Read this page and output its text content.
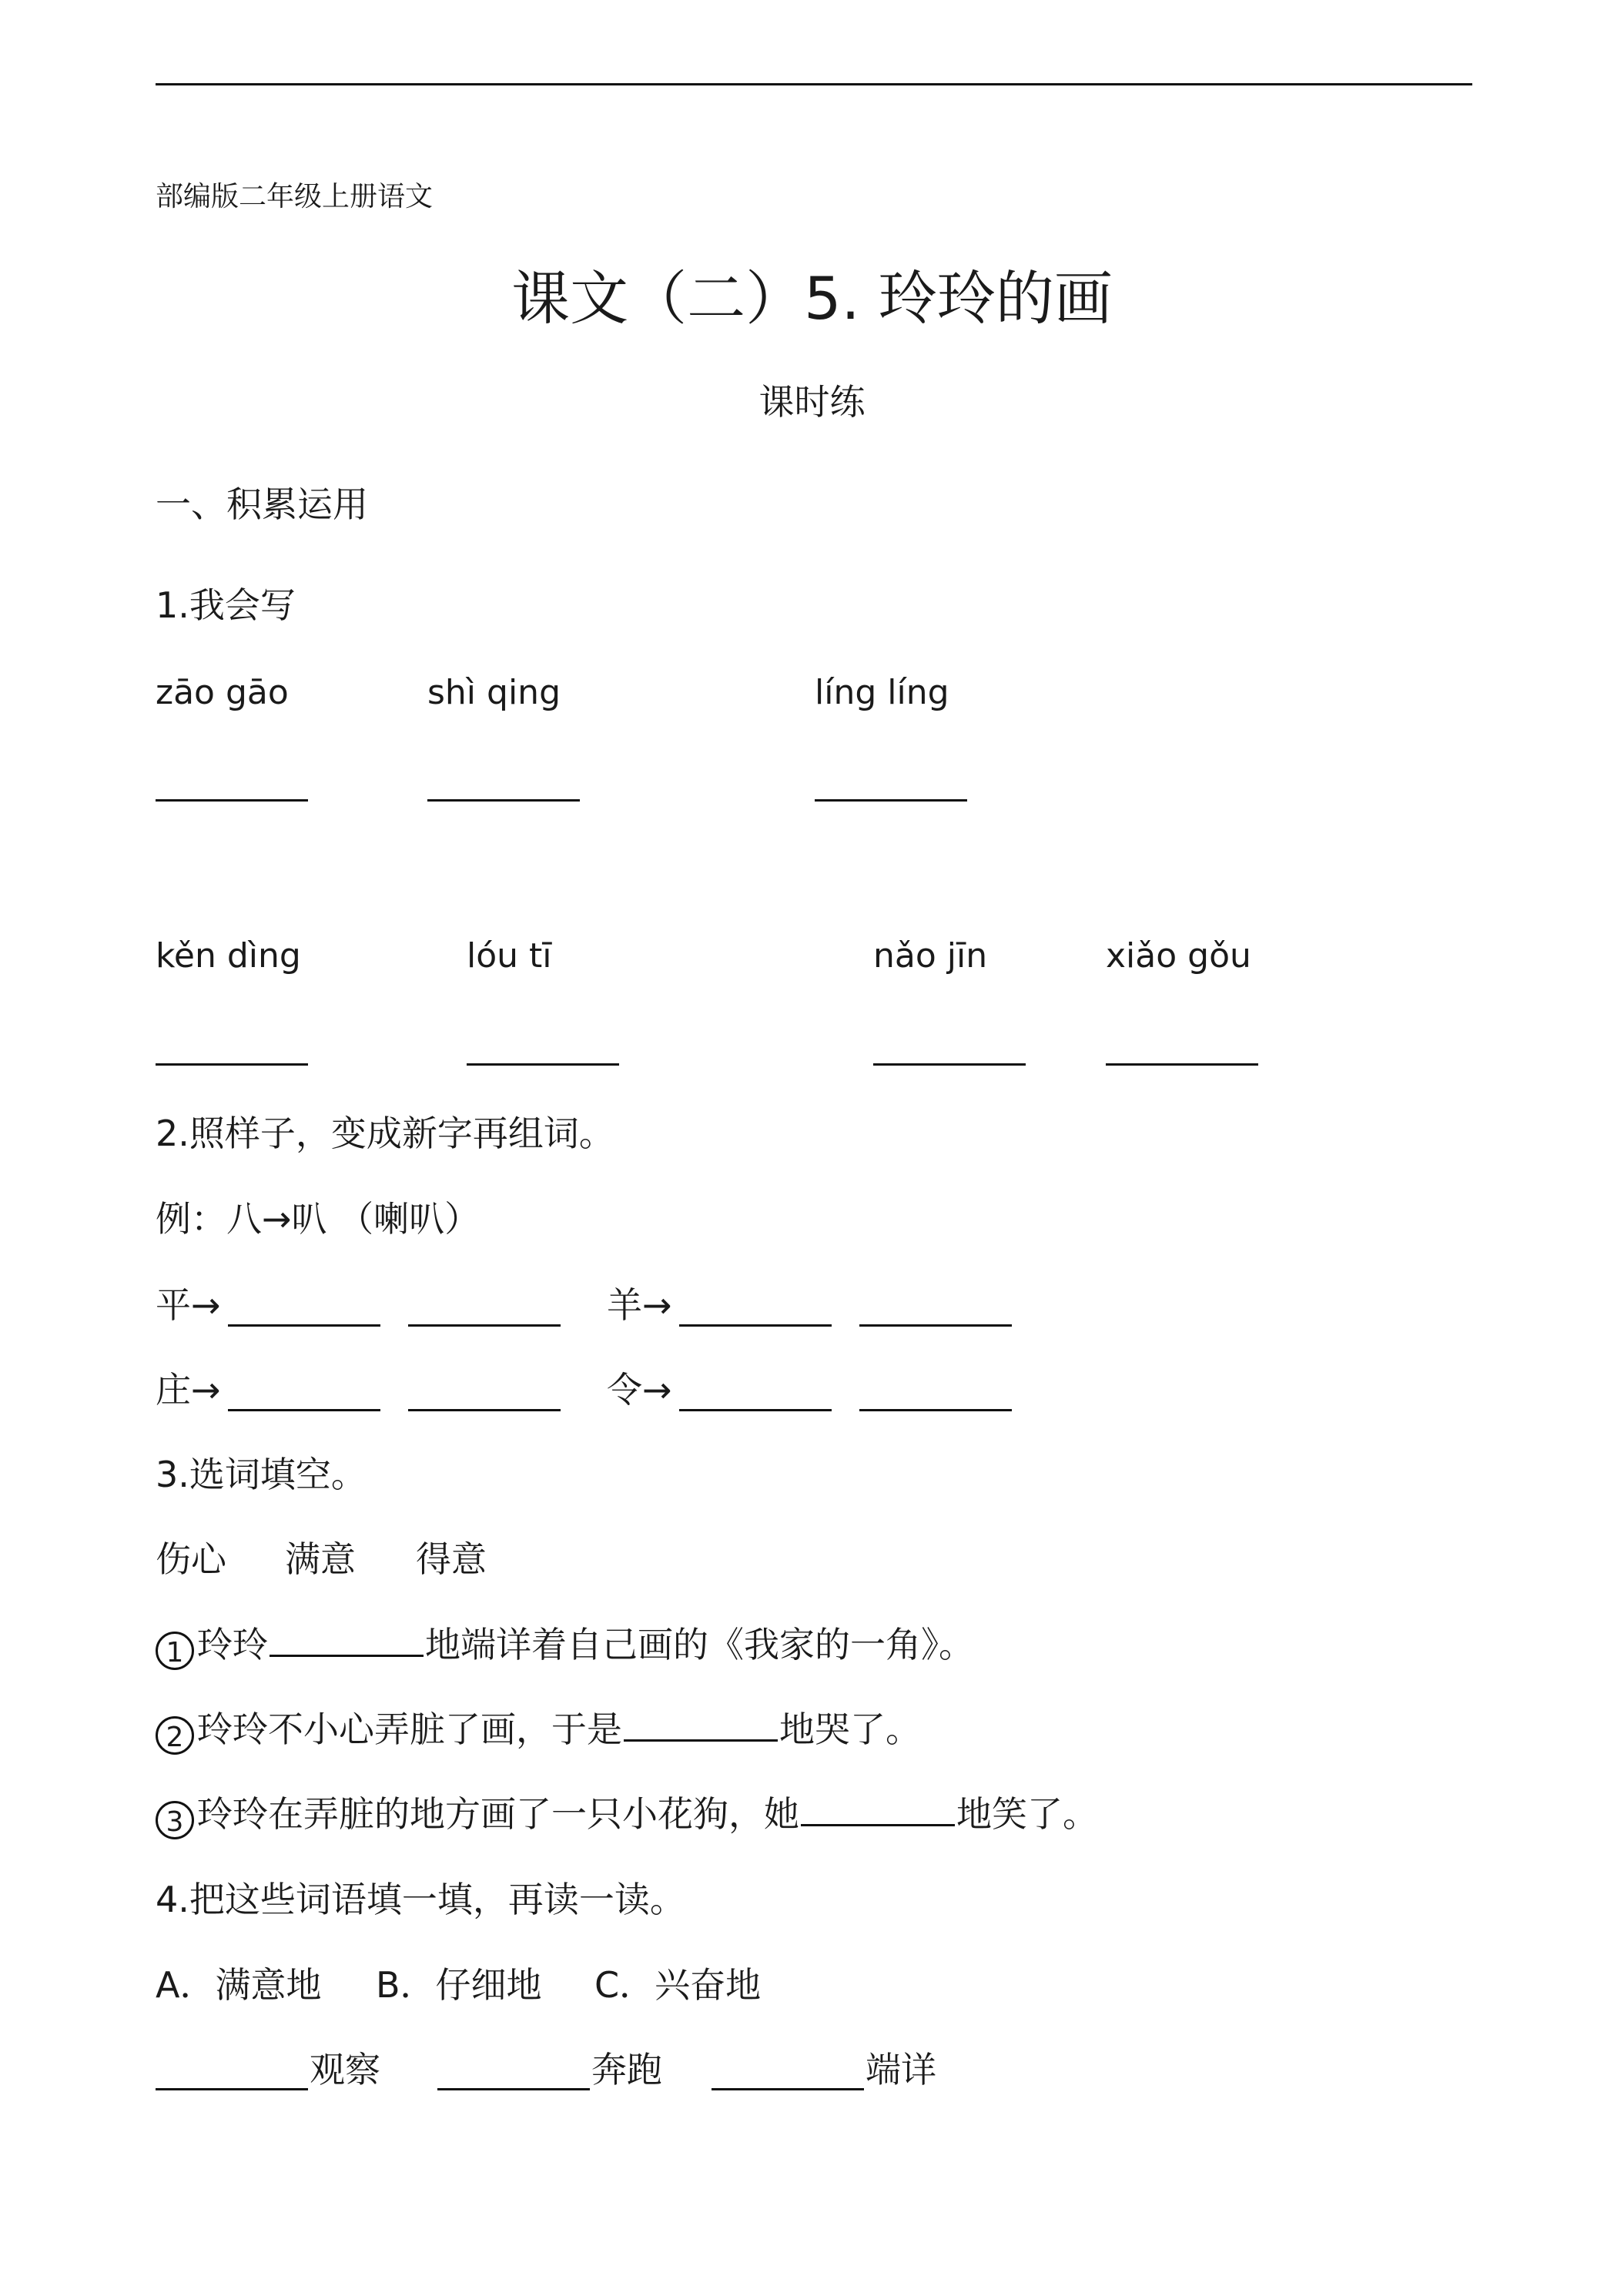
部编版二年级上册语文
课文（二）5. 玲玲的画
课时练
一、积累运用
1.我会写
zāo gāo	shì qing	líng líng
kěn dìng	lóu tī	nǎo jīn	xiǎo gǒu
2.照样子，变成新字再组词。
例：八→叭 （喇叭）
平→	羊→
庄→	令→
3.选词填空。
伤心 满意 得意
1 玲玲	地端详着自己画的《我家的一角》。
2 玲玲不小心弄脏了画，于是	地哭了。
3 玲玲在弄脏的地方画了一只小花狗，她	地笑了。
4.把这些词语填一填，再读一读。
A．满意地 B．仔细地 C．兴奋地
观察	奔跑	端详
